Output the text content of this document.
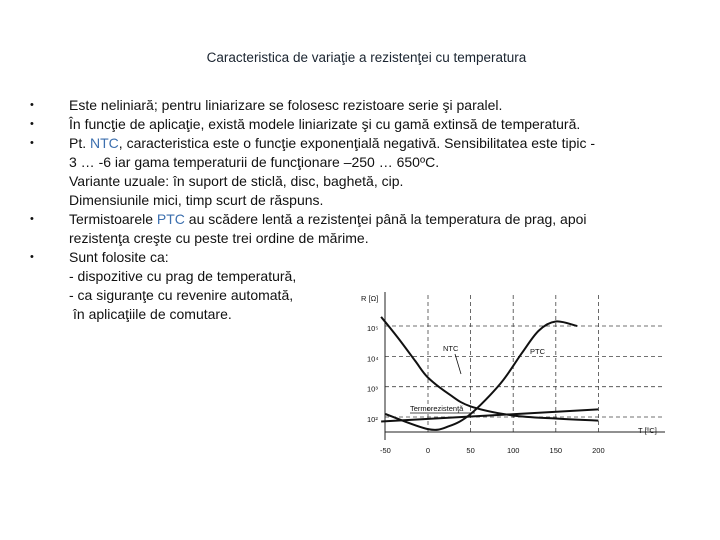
Caracteristica de variaţie a rezistenţei cu temperatura
•	Este neliniară; pentru liniarizare se folosesc rezistoare serie şi paralel.
•	În funcţie de aplicaţie, există modele liniarizate şi cu gamă extinsă de temperatură.
•	Pt. NTC, caracteristica este o funcţie exponenţială negativă. Sensibilitatea este tipic -
3 … -6 iar gama temperaturii de funcţionare –250 … 650ºC.
Variante uzuale: în suport de sticlă, disc, baghetă, cip.
Dimensiunile mici, timp scurt de răspuns.
•	Termistoarele PTC au scădere lentă a rezistenţei până la temperatura de prag, apoi
rezistenţa creşte cu peste trei ordine de mărime.
•	Sunt folosite ca:
- dispozitive cu prag de temperatură,
- ca siguranţe cu revenire automată,
în aplicaţiile de comutare.
-50	0	50	100	150	200
10⁵
10⁴
10³
10²
R [Ω]
T [ºC]
NTC	PTC
Termorezistenţă
